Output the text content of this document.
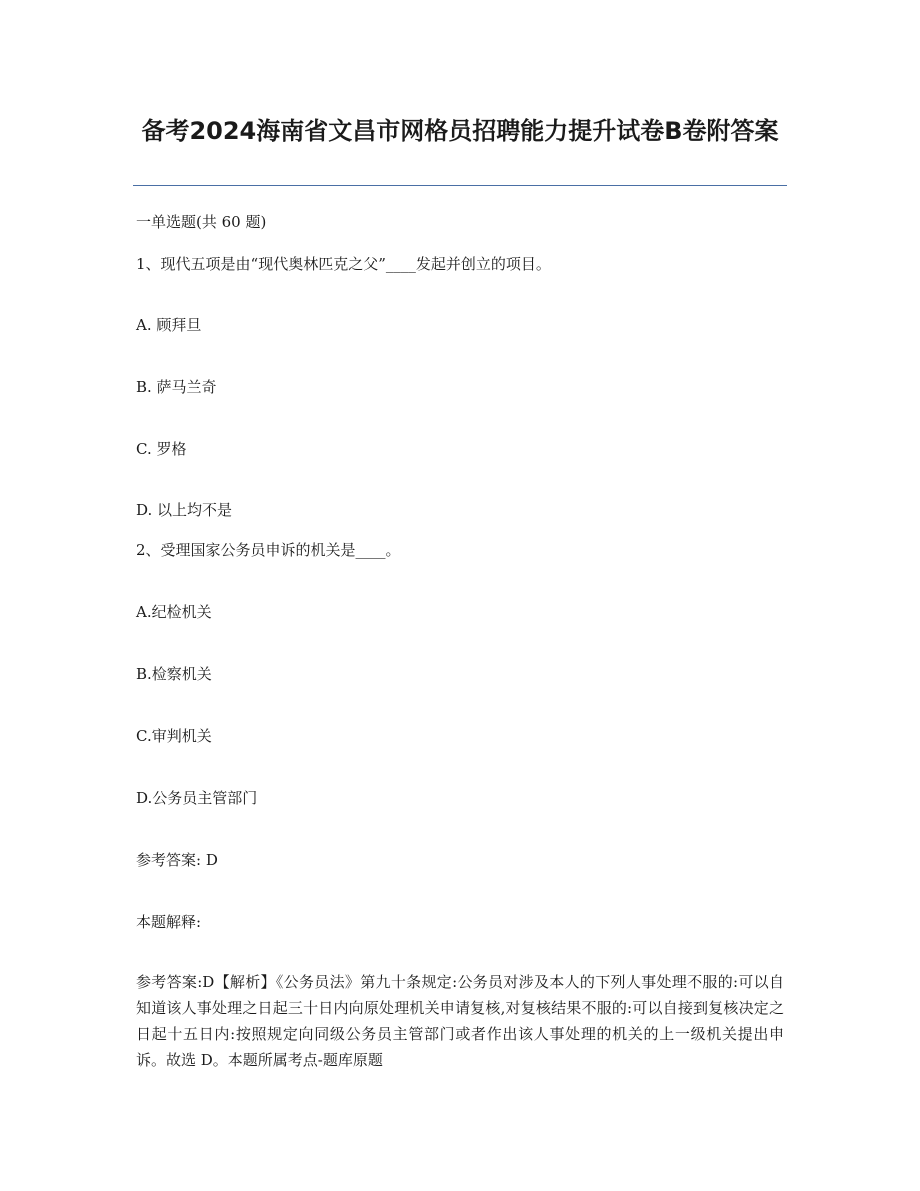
备考2024海南省文昌市网格员招聘能力提升试卷B卷附答案
一单选题(共 60 题)
1、现代五项是由“现代奥林匹克之父”____发起并创立的项目。
A. 顾拜旦
B. 萨马兰奇
C. 罗格
D. 以上均不是
2、受理国家公务员申诉的机关是____。
A.纪检机关
B.检察机关
C.审判机关
D.公务员主管部门
参考答案: D
本题解释:
参考答案:D【解析】《公务员法》第九十条规定:公务员对涉及本人的下列人事处理不服的:可以自知道该人事处理之日起三十日内向原处理机关申请复核,对复核结果不服的:可以自接到复核决定之日起十五日内:按照规定向同级公务员主管部门或者作出该人事处理的机关的上一级机关提出申诉。故选 D。本题所属考点-题库原题
